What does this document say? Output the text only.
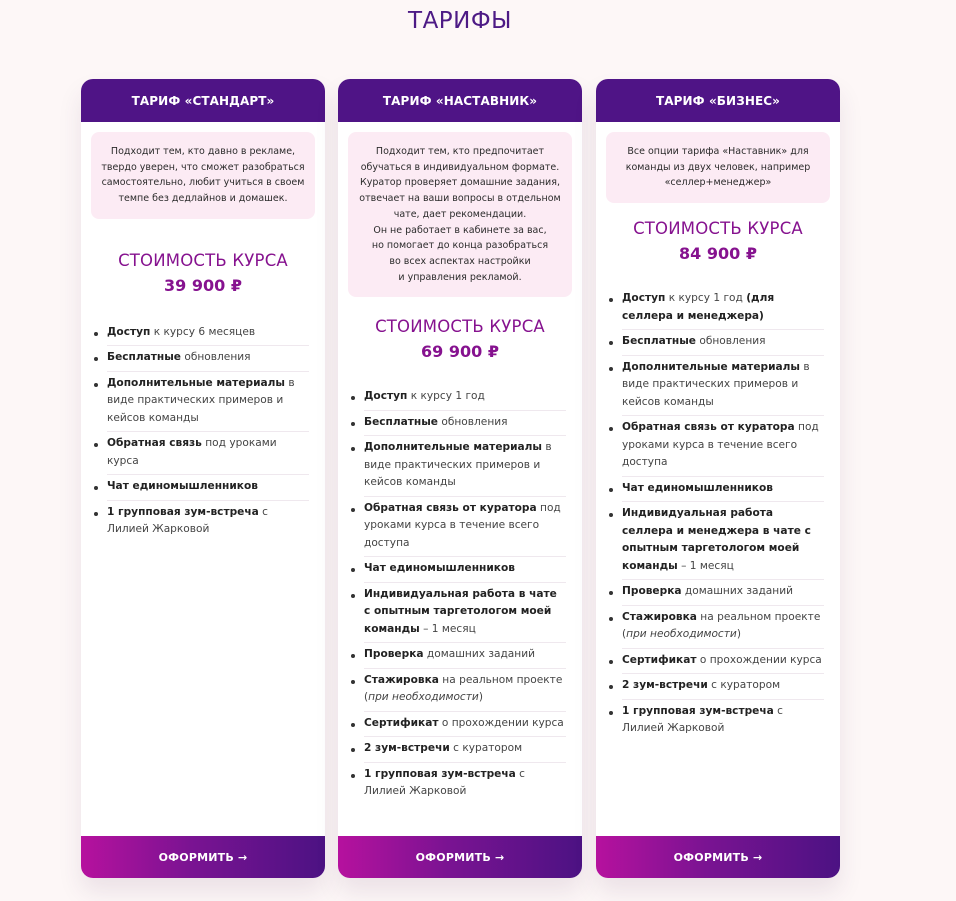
ТАРИФЫ
ТАРИФ «СТАНДАРТ»
Подходит тем, кто давно в рекламе,
твердо уверен, что сможет разобраться
самостоятельно, любит учиться в своем
темпе без дедлайнов и домашек.
СТОИМОСТЬ КУРСА
39 900 ₽
Доступ к курсу 6 месяцев
Бесплатные обновления
Дополнительные материалы в виде практических примеров и кейсов команды
Обратная связь под уроками курса
Чат единомышленников
1 групповая зум-встреча с Лилией Жарковой
ОФОРМИТЬ →
ТАРИФ «НАСТАВНИК»
Подходит тем, кто предпочитает
обучаться в индивидуальном формате.
Куратор проверяет домашние задания,
отвечает на ваши вопросы в отдельном
чате, дает рекомендации.
Он не работает в кабинете за вас,
но помогает до конца разобраться
во всех аспектах настройки
и управления рекламой.
СТОИМОСТЬ КУРСА
69 900 ₽
Доступ к курсу 1 год
Бесплатные обновления
Дополнительные материалы в виде практических примеров и кейсов команды
Обратная связь от куратора под уроками курса в течение всего доступа
Чат единомышленников
Индивидуальная работа в чате с опытным таргетологом моей команды – 1 месяц
Проверка домашних заданий
Стажировка на реальном проекте (при необходимости)
Сертификат о прохождении курса
2 зум-встречи с куратором
1 групповая зум-встреча с Лилией Жарковой
ОФОРМИТЬ →
ТАРИФ «БИЗНЕС»
Все опции тарифа «Наставник» для
команды из двух человек, например
«селлер+менеджер»
СТОИМОСТЬ КУРСА
84 900 ₽
Доступ к курсу 1 год (для селлера и менеджера)
Бесплатные обновления
Дополнительные материалы в виде практических примеров и кейсов команды
Обратная связь от куратора под уроками курса в течение всего доступа
Чат единомышленников
Индивидуальная работа селлера и менеджера в чате с опытным таргетологом моей команды – 1 месяц
Проверка домашних заданий
Стажировка на реальном проекте (при необходимости)
Сертификат о прохождении курса
2 зум-встречи с куратором
1 групповая зум-встреча с Лилией Жарковой
ОФОРМИТЬ →
